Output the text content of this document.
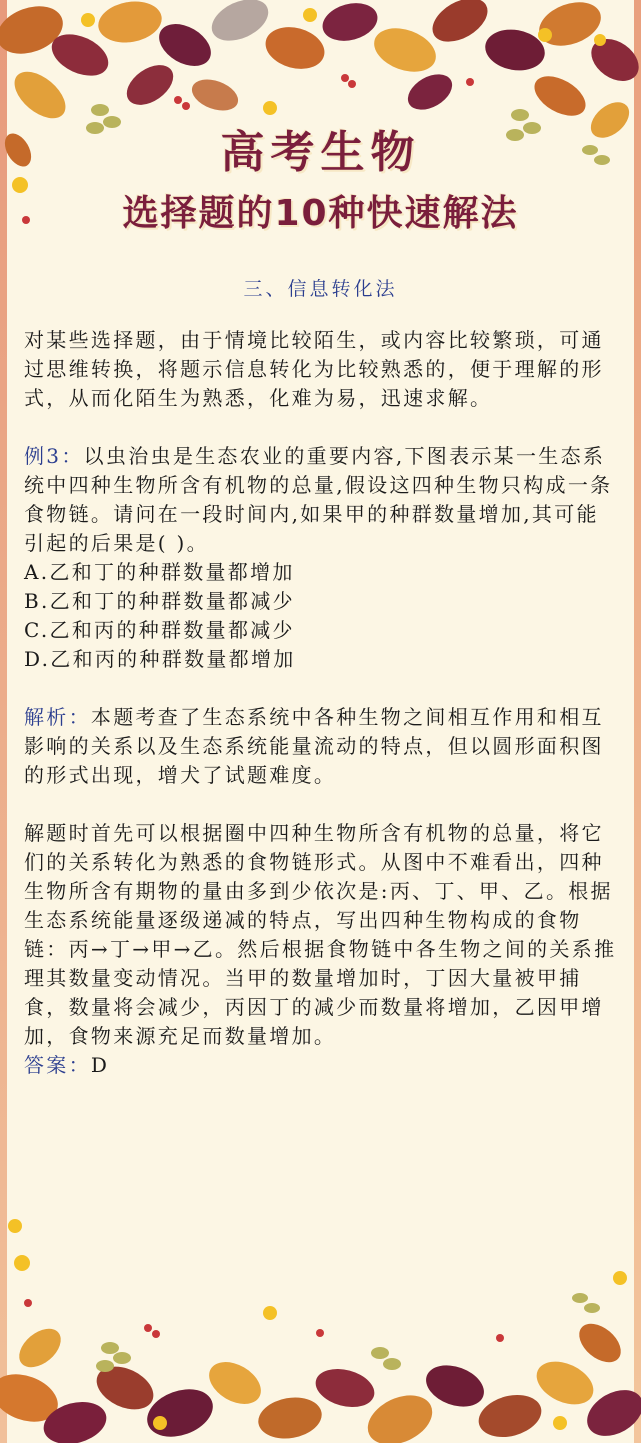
高考生物
选择题的10种快速解法
三、信息转化法

对某些选择题，由于情境比较陌生，或内容比较繁琐，可通过思维转换，将题示信息转化为比较熟悉的，便于理解的形式，从而化陌生为熟悉，化难为易，迅速求解。

例3：以虫治虫是生态农业的重要内容,下图表示某一生态系统中四种生物所含有机物的总量,假设这四种生物只构成一条食物链。请问在一段时间内,如果甲的种群数量增加,其可能引起的后果是( )。

A.乙和丁的种群数量都增加

B.乙和丁的种群数量都减少

C.乙和丙的种群数量都减少

D.乙和丙的种群数量都增加

解析：本题考查了生态系统中各种生物之间相互作用和相互影响的关系以及生态系统能量流动的特点，但以圆形面积图的形式出现，增犬了试题难度。

解题时首先可以根据圈中四种生物所含有机物的总量，将它们的关系转化为熟悉的食物链形式。从图中不难看出，四种生物所含有期物的量由多到少依次是:丙、丁、甲、乙。根据生态系统能量逐级递减的特点，写出四种生物构成的食物链：丙→丁→甲→乙。然后根据食物链中各生物之间的关系推理其数量变动情况。当甲的数量增加时，丁因大量被甲捕食，数量将会减少，丙因丁的减少而数量将增加，乙因甲增加，食物来源充足而数量增加。

答案：D
